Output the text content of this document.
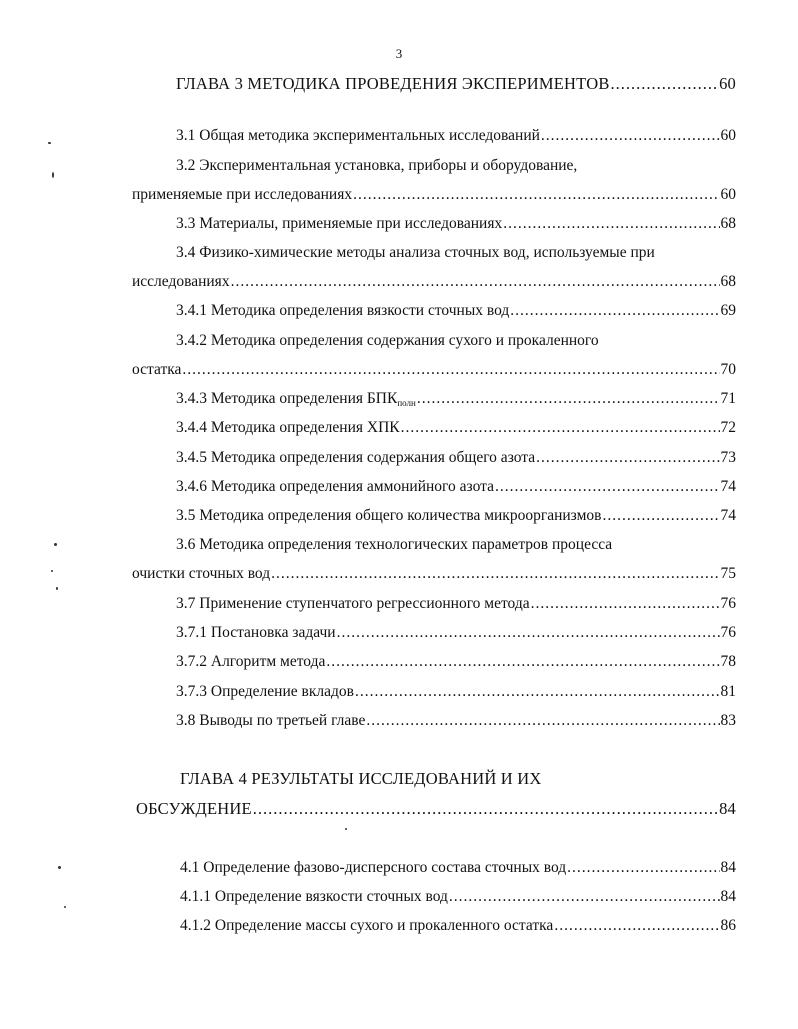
3
ГЛАВА 3 МЕТОДИКА ПРОВЕДЕНИЯ ЭКСПЕРИМЕНТОВ .....	60
3.1 Общая методика экспериментальных исследований .....	60
3.2 Экспериментальная установка, приборы и оборудование,
применяемые при исследованиях .....	60
3.3 Материалы, применяемые при исследованиях .....	68
3.4 Физико-химические методы анализа сточных вод, используемые при
исследованиях .....	68
3.4.1 Методика определения вязкости сточных вод .....	69
3.4.2 Методика определения содержания сухого и прокаленного
остатка .....	70
3.4.3 Методика определения $БПК_{полн}$ .....	71
3.4.4 Методика определения ХПК .....	72
3.4.5 Методика определения содержания общего азота .....	73
3.4.6 Методика определения аммонийного азота .....	74
3.5 Методика определения общего количества микроорганизмов .....	74
3.6 Методика определения технологических параметров процесса
очистки сточных вод .....	75
3.7 Применение ступенчатого регрессионного метода .....	76
3.7.1 Постановка задачи .....	76
3.7.2 Алгоритм метода .....	78
3.7.3 Определение вкладов .....	81
3.8 Выводы по третьей главе .....	83
ГЛАВА 4 РЕЗУЛЬТАТЫ ИССЛЕДОВАНИЙ И ИХ
ОБСУЖДЕНИЕ .....	84
4.1 Определение фазово-дисперсного состава сточных вод .....	84
4.1.1 Определение вязкости сточных вод .....	84
4.1.2 Определение массы сухого и прокаленного остатка .....	86
